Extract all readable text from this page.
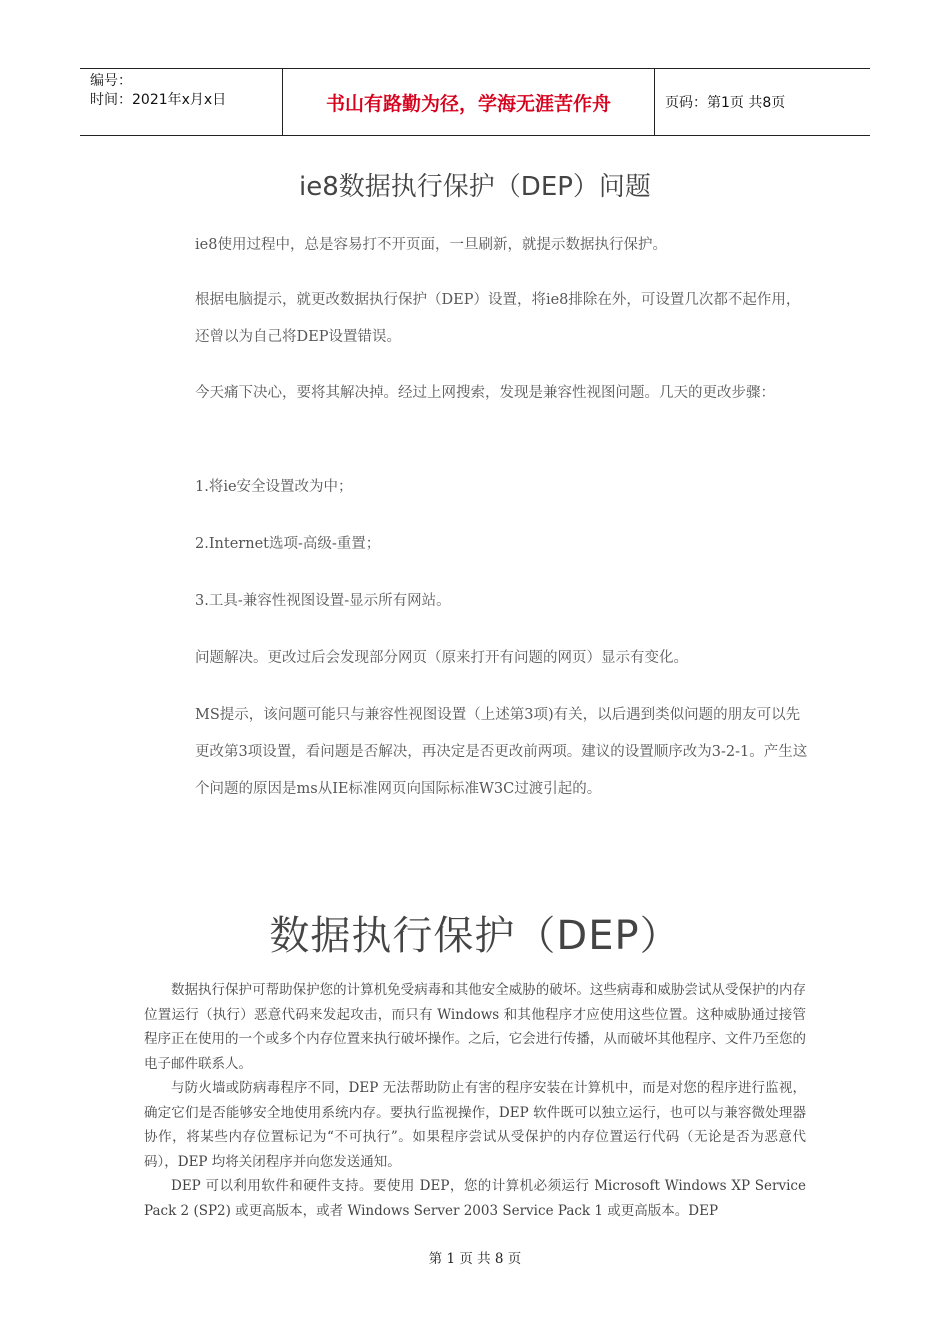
编号：
时间：2021年x月x日	书山有路勤为径，学海无涯苦作舟	页码：第1页 共8页
ie8数据执行保护（DEP）问题

ie8使用过程中，总是容易打不开页面，一旦刷新，就提示数据执行保护。

根据电脑提示，就更改数据执行保护（DEP）设置，将ie8排除在外，可设置几次都不起作用，还曾以为自己将DEP设置错误。

今天痛下决心，要将其解决掉。经过上网搜索，发现是兼容性视图问题。几天的更改步骤：

1.将ie安全设置改为中；

2.Internet选项-高级-重置；

3.工具-兼容性视图设置-显示所有网站。

问题解决。更改过后会发现部分网页（原来打开有问题的网页）显示有变化。

MS提示，该问题可能只与兼容性视图设置（上述第3项)有关，以后遇到类似问题的朋友可以先更改第3项设置，看问题是否解决，再决定是否更改前两项。建议的设置顺序改为3-2-1。产生这个问题的原因是ms从IE标准网页向国际标准W3C过渡引起的。

数据执行保护（DEP）

数据执行保护可帮助保护您的计算机免受病毒和其他安全威胁的破坏。这些病毒和威胁尝试从受保护的内存位置运行（执行）恶意代码来发起攻击，而只有 Windows 和其他程序才应使用这些位置。这种威胁通过接管程序正在使用的一个或多个内存位置来执行破坏操作。之后，它会进行传播，从而破坏其他程序、文件乃至您的电子邮件联系人。

与防火墙或防病毒程序不同，DEP 无法帮助防止有害的程序安装在计算机中，而是对您的程序进行监视，确定它们是否能够安全地使用系统内存。要执行监视操作，DEP 软件既可以独立运行，也可以与兼容微处理器协作，将某些内存位置标记为“不可执行”。如果程序尝试从受保护的内存位置运行代码（无论是否为恶意代码），DEP 均将关闭程序并向您发送通知。

DEP 可以利用软件和硬件支持。要使用 DEP，您的计算机必须运行 Microsoft Windows XP Service Pack 2 (SP2) 或更高版本，或者 Windows Server 2003 Service Pack 1 或更高版本。DEP

第 1 页 共 8 页
